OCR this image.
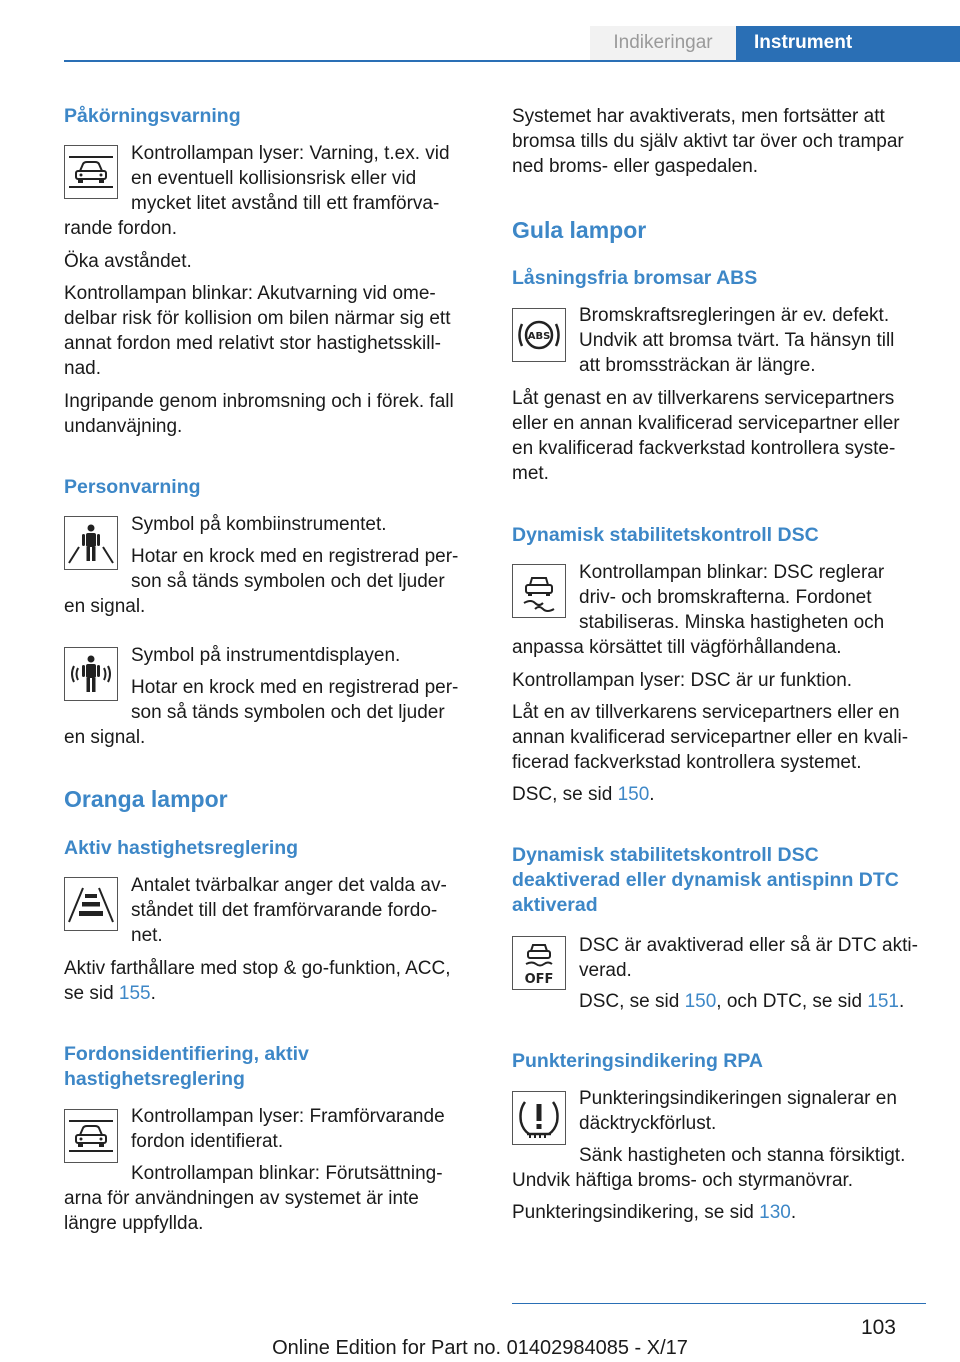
Indikeringar	Instrument
Påkörningsvarning

Kontrollampan lyser: Varning, t.ex. vid

en eventuell kollisionsrisk eller vid

mycket litet avstånd till ett framförva-

rande fordon.

Öka avståndet.

Kontrollampan blinkar: Akutvarning vid ome-

delbar risk för kollision om bilen närmar sig ett

annat fordon med relativt stor hastighetsskill-

nad.

Ingripande genom inbromsning och i förek. fall

undanväjning.

Personvarning

Symbol på kombiinstrumentet.

Hotar en krock med en registrerad per-

son så tänds symbolen och det ljuder

en signal.

Symbol på instrumentdisplayen.

Hotar en krock med en registrerad per-

son så tänds symbolen och det ljuder

en signal.

Oranga lampor
Aktiv hastighetsreglering

Antalet tvärbalkar anger det valda av-

ståndet till det framförvarande fordo-

net.

Aktiv farthållare med stop & go-funktion, ACC,

se sid 155.

Fordonsidentifiering, aktiv
hastighetsreglering

Kontrollampan lyser: Framförvarande

fordon identifierat.

Kontrollampan blinkar: Förutsättning-

arna för användningen av systemet är inte

längre uppfyllda.

Systemet har avaktiverats, men fortsätter att

bromsa tills du själv aktivt tar över och trampar

ned broms- eller gaspedalen.

Gula lampor
Låsningsfria bromsar ABS
ABS

Bromskraftsregleringen är ev. defekt.

Undvik att bromsa tvärt. Ta hänsyn till

att bromssträckan är längre.

Låt genast en av tillverkarens servicepartners

eller en annan kvalificerad servicepartner eller

en kvalificerad fackverkstad kontrollera syste-

met.

Dynamisk stabilitetskontroll DSC

Kontrollampan blinkar: DSC reglerar

driv- och bromskrafterna. Fordonet

stabiliseras. Minska hastigheten och

anpassa körsättet till vägförhållandena.

Kontrollampan lyser: DSC är ur funktion.

Låt en av tillverkarens servicepartners eller en

annan kvalificerad servicepartner eller en kvali-

ficerad fackverkstad kontrollera systemet.

DSC, se sid 150.

Dynamisk stabilitetskontroll DSC
deaktiverad eller dynamisk antispinn DTC
aktiverad
OFF

DSC är avaktiverad eller så är DTC akti-

verad.

DSC, se sid 150, och DTC, se sid 151.

Punkteringsindikering RPA

Punkteringsindikeringen signalerar en

däcktryckförlust.

Sänk hastigheten och stanna försiktigt.

Undvik häftiga broms- och styrmanövrar.

Punkteringsindikering, se sid 130.

103
Online Edition for Part no. 01402984085 - X/17
